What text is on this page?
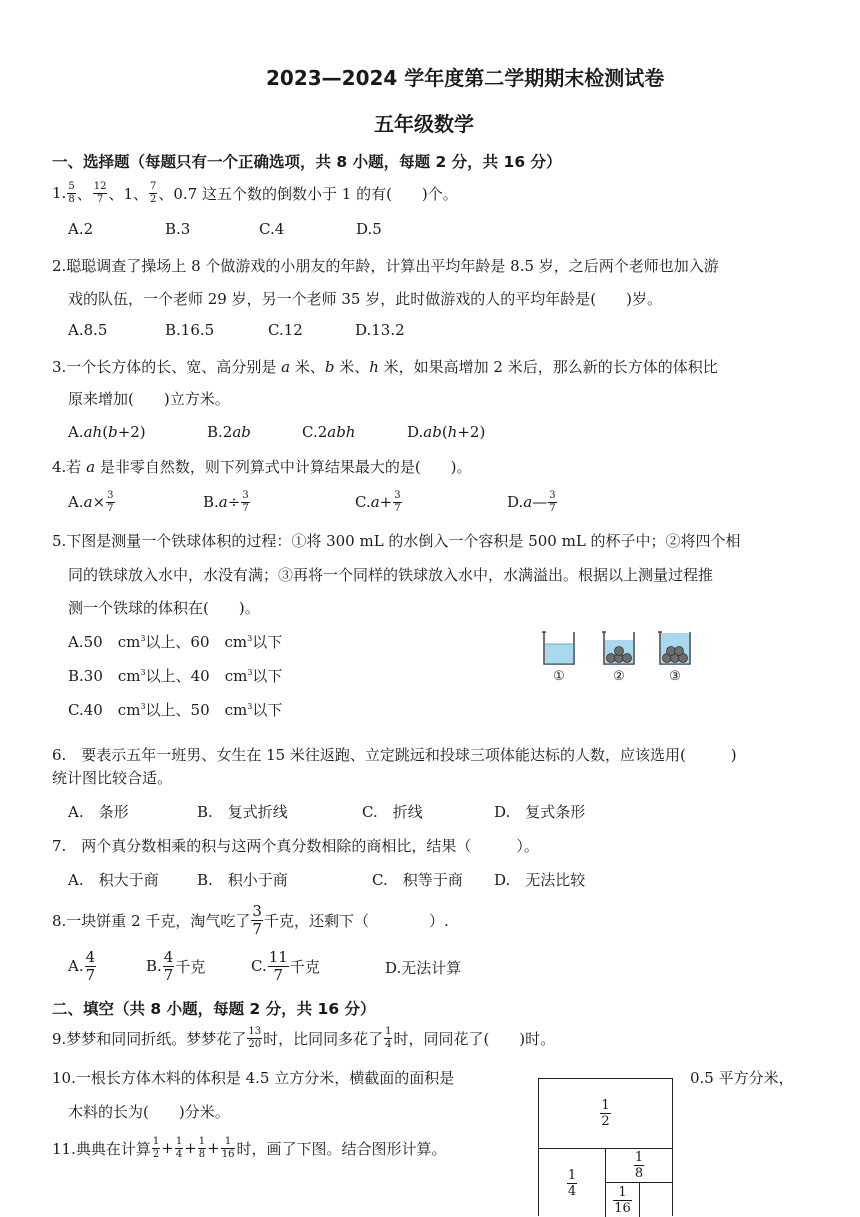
2023—2024 学年度第二学期期末检测试卷
五年级数学
一、选择题（每题只有一个正确选项，共 8 小题，每题 2 分，共 16 分）
1. $\frac{5}{8}$ 、 $\frac{12}{7}$ 、1、 $\frac{7}{2}$ 、0.7 这五个数的倒数小于 1 的有(　　)个。
A.2	B.3	C.4	D.5
2.聪聪调查了操场上 8 个做游戏的小朋友的年龄，计算出平均年龄是 8.5 岁，之后两个老师也加入游
戏的队伍，一个老师 29 岁，另一个老师 35 岁，此时做游戏的人的平均年龄是(　　)岁。
A.8.5	B.16.5	C.12	D.13.2
3.一个长方体的长、宽、高分别是 a 米、b 米、h 米，如果高增加 2 米后，那么新的长方体的体积比
原来增加(　　)立方米。
A.ah(b+2)	B.2ab	C.2abh	D.ab(h+2)
4.若 a 是非零自然数，则下列算式中计算结果最大的是(　　)。
A. $a \times \frac{3}{7}$	B. $a \div \frac{3}{7}$	C. $a + \frac{3}{7}$	D. a — $\frac{3}{7}$
5.下图是测量一个铁球体积的过程：①将 300 mL 的水倒入一个容积是 500 mL 的杯子中；②将四个相
同的铁球放入水中，水没有满；③再将一个同样的铁球放入水中，水满溢出。根据以上测量过程推
测一个铁球的体积在(　　)。
A.50　$cm^3$以上、60　$cm^3$以下
B.30　$cm^3$以上、40　$cm^3$以下
C.40　$cm^3$以上、50　$cm^3$以下
①	②	③
6.　要表示五年一班男、女生在 15 米往返跑、立定跳远和投球三项体能达标的人数，应该选用(　　　)
统计图比较合适。
A.　条形	B.　复式折线	C.　折线	D.　复式条形
7.　两个真分数相乘的积与这两个真分数相除的商相比，结果（　　　）。
A.　积大于商	B.　积小于商	C.　积等于商 D.　无法比较
8.一块饼重 2 千克，淘气吃了 $\frac{3}{7}$ 千克，还剩下（　　　　）.
A. $\frac{4}{7}$	B. $\frac{4}{7}$ 千克	C. $\frac{11}{7}$ 千克	D.无法计算
二、填空（共 8 小题，每题 2 分，共 16 分）
9.梦梦和同同折纸。梦梦花了 $\frac{13}{20}$ 时，比同同多花了 $\frac{1}{4}$ 时，同同花了(　　)时。
10.一根长方体木料的体积是 4.5 立方分米，横截面的面积是	0.5 平方分米，
木料的长为(　　)分米。
11.典典在计算 $\frac{1}{2} + \frac{1}{4} + \frac{1}{8} + \frac{1}{16}$ 时，画了下图。结合图形计算。
$\frac{1}{2}$
$\frac{1}{4}$
$\frac{1}{8}$
$\frac{1}{16}$
